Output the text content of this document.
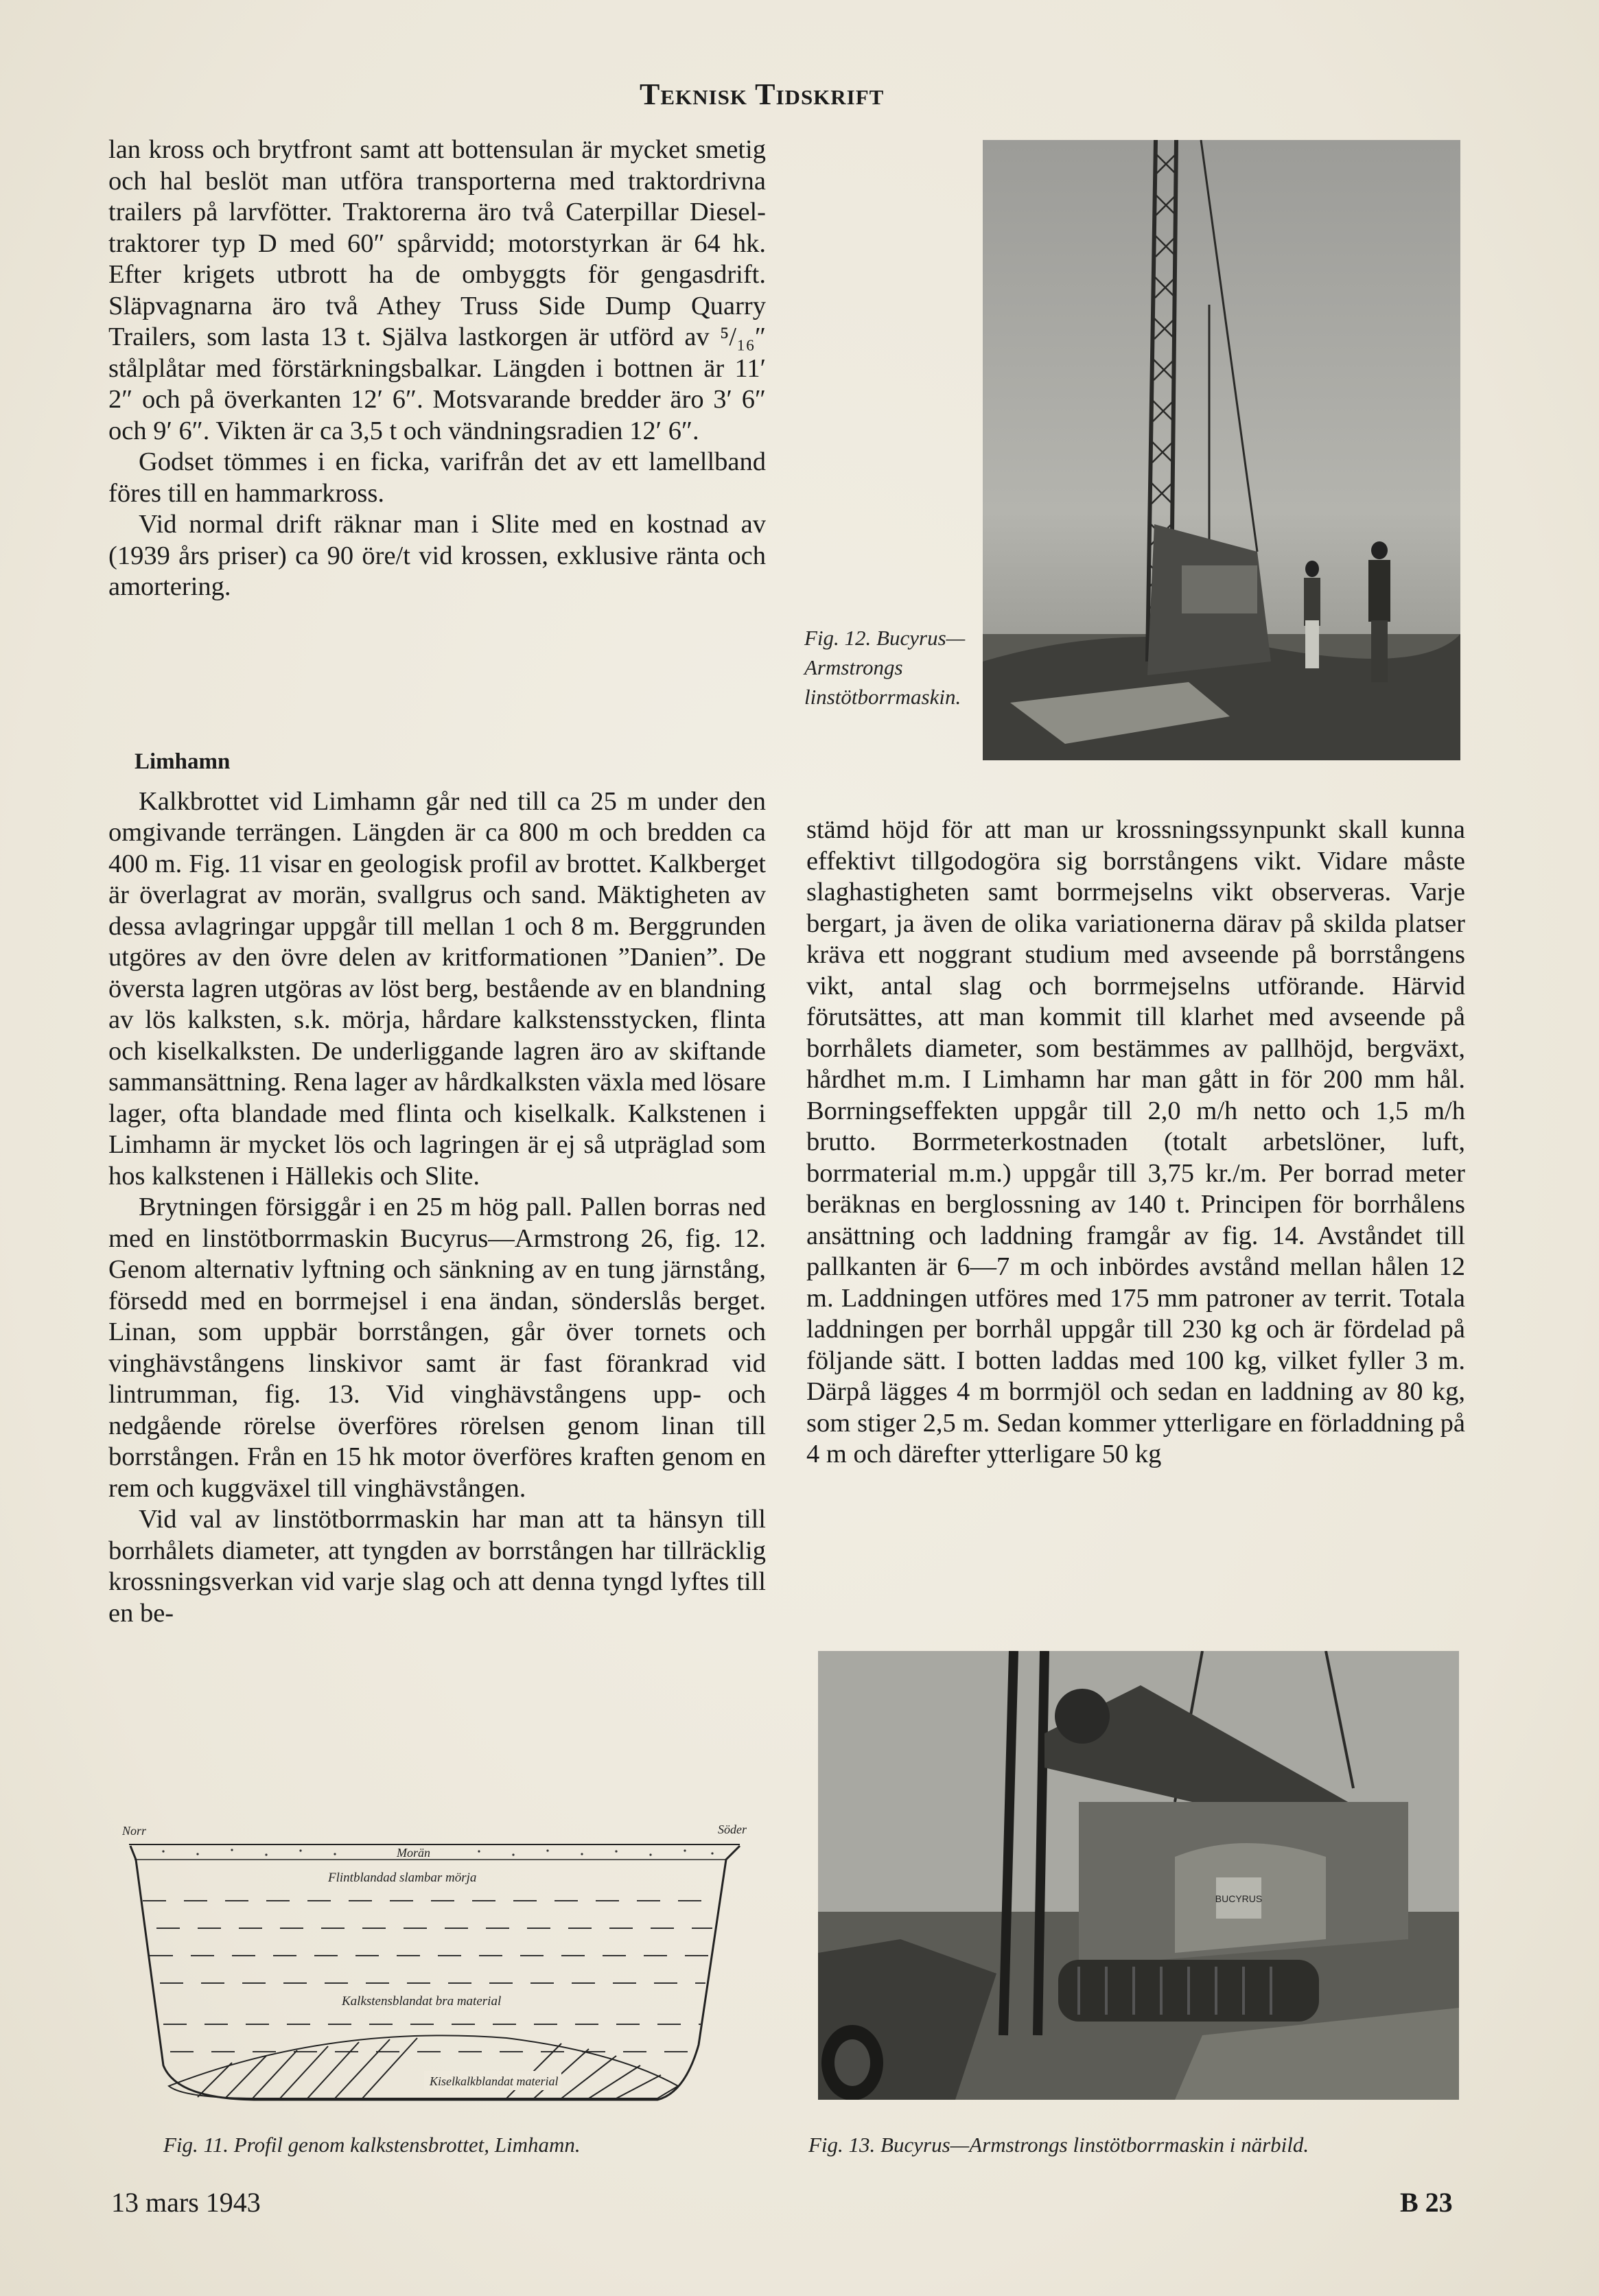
Teknisk Tidskrift

lan kross och brytfront samt att bottensulan är mycket smetig och hal beslöt man utföra transporterna med traktordrivna trailers på larvfötter. Traktorerna äro två Caterpillar Diesel-traktorer typ D med 60″ spårvidd; motorstyrkan är 64 hk. Efter krigets utbrott ha de ombyggts för gengasdrift. Släpvagnarna äro två Athey Truss Side Dump Quarry Trailers, som lasta 13 t. Själva lastkorgen är utförd av ⁵/₁₆″ stålplåtar med förstärkningsbalkar. Längden i bottnen är 11′ 2″ och på överkanten 12′ 6″. Motsvarande bredder äro 3′ 6″ och 9′ 6″. Vikten är ca 3,5 t och vändningsradien 12′ 6″.

Godset tömmes i en ficka, varifrån det av ett lamellband föres till en hammarkross.

Vid normal drift räknar man i Slite med en kostnad av (1939 års priser) ca 90 öre/t vid krossen, exklusive ränta och amortering.

Limhamn

Kalkbrottet vid Limhamn går ned till ca 25 m under den omgivande terrängen. Längden är ca 800 m och bredden ca 400 m. Fig. 11 visar en geologisk profil av brottet. Kalkberget är överlagrat av morän, svallgrus och sand. Mäktigheten av dessa avlagringar uppgår till mellan 1 och 8 m. Berggrunden utgöres av den övre delen av kritformationen ”Danien”. De översta lagren utgöras av löst berg, bestående av en blandning av lös kalksten, s.k. mörja, hårdare kalkstensstycken, flinta och kiselkalksten. De underliggande lagren äro av skiftande sammansättning. Rena lager av hårdkalksten växla med lösare lager, ofta blandade med flinta och kiselkalk. Kalkstenen i Limhamn är mycket lös och lagringen är ej så utpräglad som hos kalkstenen i Hällekis och Slite.

Brytningen försiggår i en 25 m hög pall. Pallen borras ned med en linstötborrmaskin Bucyrus—Armstrong 26, fig. 12. Genom alternativ lyftning och sänkning av en tung järnstång, försedd med en borrmejsel i ena ändan, sönderslås berget. Linan, som uppbär borrstången, går över tornets och vinghävstångens linskivor samt är fast förankrad vid lintrumman, fig. 13. Vid vinghävstångens upp- och nedgående rörelse överföres rörelsen genom linan till borrstången. Från en 15 hk motor överföres kraften genom en rem och kuggväxel till vinghävstången.

Vid val av linstötborrmaskin har man att ta hänsyn till borrhålets diameter, att tyngden av borrstången har tillräcklig krossningsverkan vid varje slag och att denna tyngd lyftes till en be-

Fig. 12. Bucyrus—Armstrongs linstötborrmaskin.

stämd höjd för att man ur krossningssynpunkt skall kunna effektivt tillgodogöra sig borrstångens vikt. Vidare måste slaghastigheten samt borrmejselns vikt observeras. Varje bergart, ja även de olika variationerna därav på skilda platser kräva ett noggrant studium med avseende på borrstångens vikt, antal slag och borrmejselns utförande. Härvid förutsättes, att man kommit till klarhet med avseende på borrhålets diameter, som bestämmes av pallhöjd, bergväxt, hårdhet m.m. I Limhamn har man gått in för 200 mm hål. Borrningseffekten uppgår till 2,0 m/h netto och 1,5 m/h brutto. Borrmeterkostnaden (totalt arbetslöner, luft, borrmaterial m.m.) uppgår till 3,75 kr./m. Per borrad meter beräknas en berglossning av 140 t. Principen för borrhålens ansättning och laddning framgår av fig. 14. Avståndet till pallkanten är 6—7 m och inbördes avstånd mellan hålen 12 m. Laddningen utföres med 175 mm patroner av territ. Totala laddningen per borrhål uppgår till 230 kg och är fördelad på följande sätt. I botten laddas med 100 kg, vilket fyller 3 m. Därpå lägges 4 m borrmjöl och sedan en laddning av 80 kg, som stiger 2,5 m. Sedan kommer ytterligare en förladdning på 4 m och därefter ytterligare 50 kg

BUCYRUS
Norr	Söder
Morän
Flintblandad slambar mörja
Kalkstensblandat bra material
Kiselkalkblandat material
Fig. 11. Profil genom kalkstensbrottet, Limhamn.	Fig. 13. Bucyrus—Armstrongs linstötborrmaskin i närbild.
13 mars 1943	B 23
